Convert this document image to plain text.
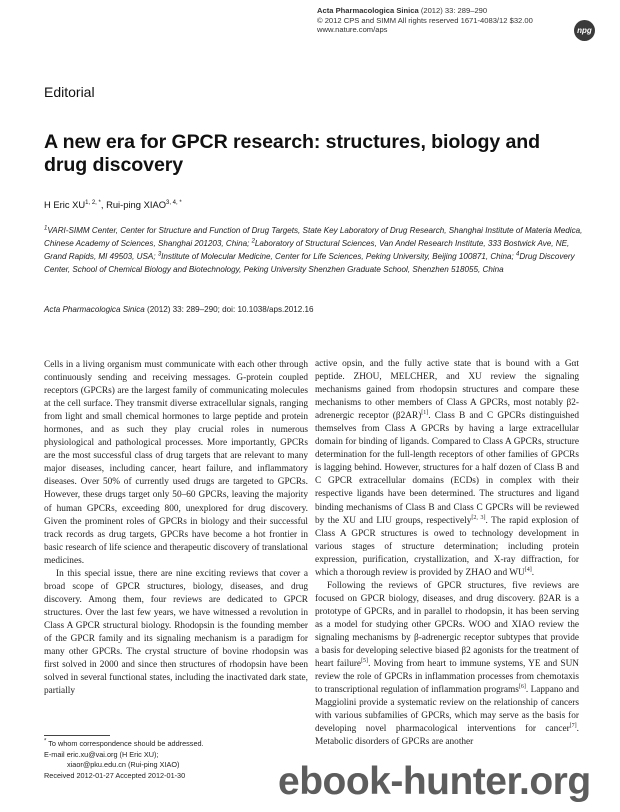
Acta Pharmacologica Sinica (2012) 33: 289–290
© 2012 CPS and SIMM All rights reserved 1671-4083/12 $32.00
www.nature.com/aps	npg
Editorial
A new era for GPCR research: structures, biology and drug discovery
H Eric $XU^{1, 2, *}$, Rui-ping $XIAO^{3, 4, *}$
$^1$VARI-SIMM Center, Center for Structure and Function of Drug Targets, State Key Laboratory of Drug Research, Shanghai Institute of Materia Medica, Chinese Academy of Sciences, Shanghai 201203, China; $^2$Laboratory of Structural Sciences, Van Andel Research Institute, 333 Bostwick Ave, NE, Grand Rapids, MI 49503, USA; $^3$Institute of Molecular Medicine, Center for Life Sciences, Peking University, Beijing 100871, China; $^4$Drug Discovery Center, School of Chemical Biology and Biotechnology, Peking University Shenzhen Graduate School, Shenzhen 518055, China
Acta Pharmacologica Sinica (2012) 33: 289–290; doi: 10.1038/aps.2012.16

Cells in a living organism must communicate with each other through continuously sending and receiving messages. G-protein coupled receptors (GPCRs) are the largest family of communicating molecules at the cell surface. They transmit diverse extracellular signals, ranging from light and small chemical hormones to large peptide and protein hormones, and as such they play crucial roles in numerous physiological and pathological processes. More importantly, GPCRs are the most successful class of drug targets that are relevant to many major diseases, including cancer, heart failure, and inflammatory diseases. Over 50% of currently used drugs are targeted to GPCRs. However, these drugs target only 50–60 GPCRs, leaving the majority of human GPCRs, exceeding 800, unexplored for drug discovery. Given the prominent roles of GPCRs in biology and their successful track records as drug targets, GPCRs have become a hot frontier in basic research of life science and therapeutic discovery of translational medicines.

In this special issue, there are nine exciting reviews that cover a broad scope of GPCR structures, biology, diseases, and drug discovery. Among them, four reviews are dedicated to GPCR structures. Over the last few years, we have witnessed a revolution in Class A GPCR structural biology. Rhodopsin is the founding member of the GPCR family and its signaling mechanism is a paradigm for many other GPCRs. The crystal structure of bovine rhodopsin was first solved in 2000 and since then structures of rhodopsin have been solved in several functional states, including the inactivated dark state, partially

active opsin, and the fully active state that is bound with a Gαt peptide. ZHOU, MELCHER, and XU review the signaling mechanisms gained from rhodopsin structures and compare these mechanisms to other members of Class A GPCRs, most notably β2-adrenergic receptor (β2AR)[1]. Class B and C GPCRs distinguished themselves from Class A GPCRs by having a large extracellular domain for binding of ligands. Compared to Class A GPCRs, structure determination for the full-length receptors of other families of GPCRs is lagging behind. However, structures for a half dozen of Class B and C GPCR extracellular domains (ECDs) in complex with their respective ligands have been determined. The structures and ligand binding mechanisms of Class B and Class C GPCRs will be reviewed by the XU and LIU groups, respectively[2, 3]. The rapid explosion of Class A GPCR structures is owed to technology development in various stages of structure determination; including protein expression, purification, crystallization, and X-ray diffraction, for which a thorough review is provided by ZHAO and WU[4].

Following the reviews of GPCR structures, five reviews are focused on GPCR biology, diseases, and drug discovery. β2AR is a prototype of GPCRs, and in parallel to rhodopsin, it has been serving as a model for studying other GPCRs. WOO and XIAO review the signaling mechanisms by β-adrenergic receptor subtypes that provide a basis for developing selective biased β2 agonists for the treatment of heart failure[5]. Moving from heart to immune systems, YE and SUN review the role of GPCRs in inflammation processes from chemotaxis to transcriptional regulation of inflammation programs[6]. Lappano and Maggiolini provide a systematic review on the relationship of cancers with various subfamilies of GPCRs, which may serve as the basis for developing novel pharmacological interventions for cancer[7]. Metabolic disorders of GPCRs are another

* To whom correspondence should be addressed.
E-mail eric.xu@vai.org (H Eric XU);
xiaor@pku.edu.cn (Rui-ping XIAO)
Received 2012-01-27 Accepted 2012-01-30	ebook-hunter.org
